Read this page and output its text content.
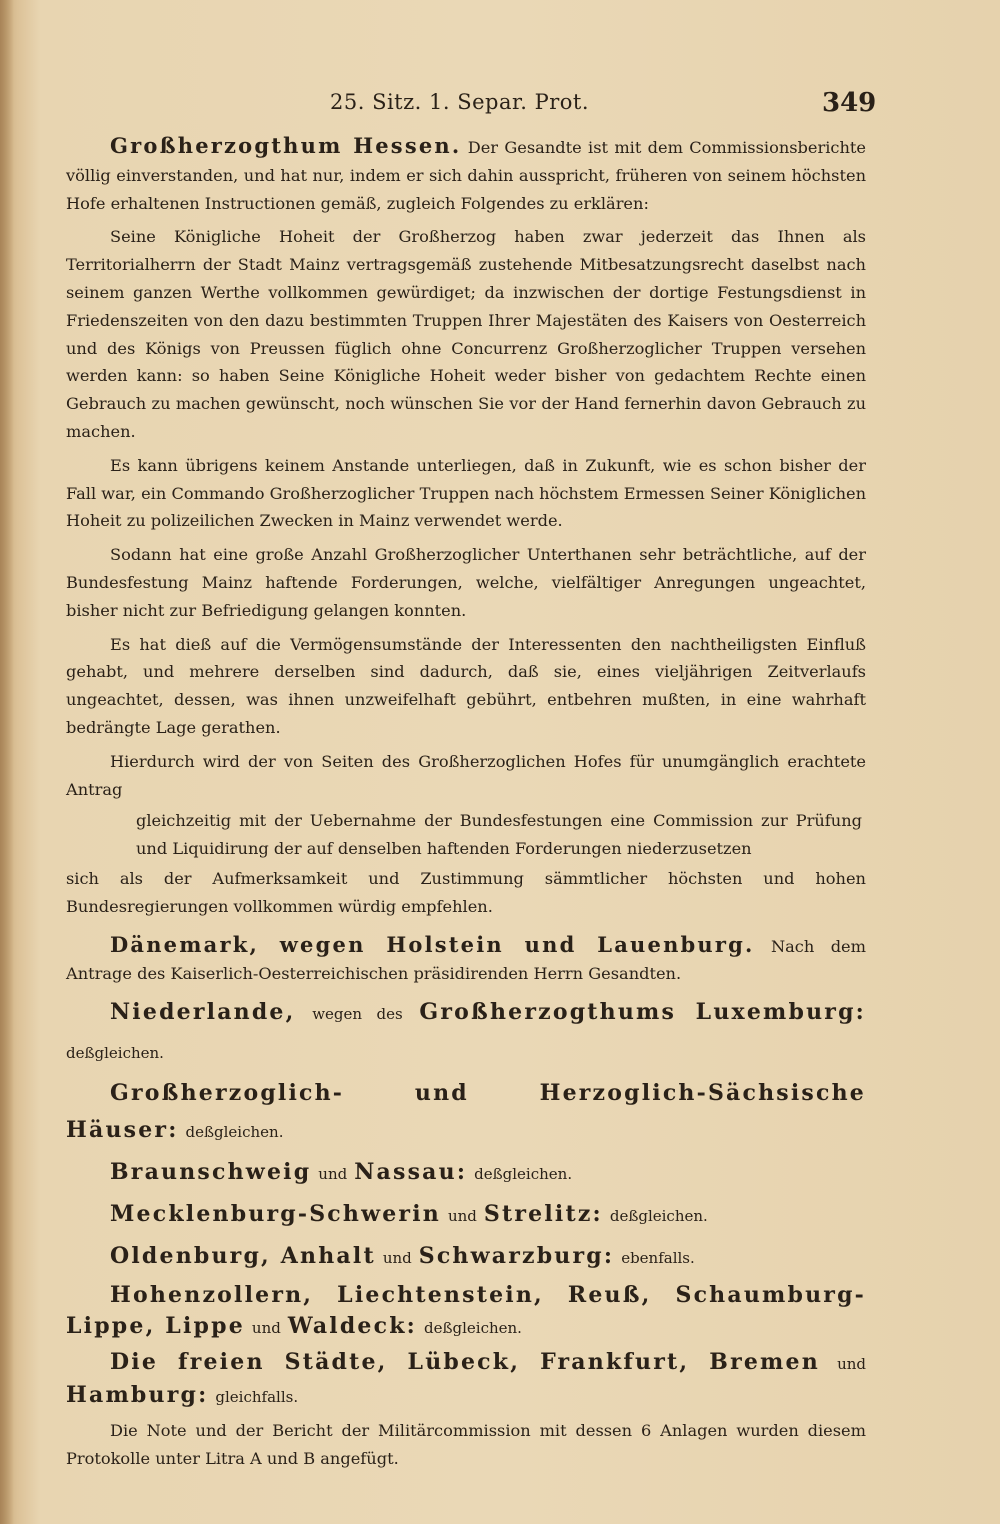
25. Sitz. 1. Separ. Prot.	349

Großherzogthum Hessen. Der Gesandte ist mit dem Commissionsberichte völlig einverstanden, und hat nur, indem er sich dahin ausspricht, früheren von seinem höchsten Hofe erhaltenen Instructionen gemäß, zugleich Folgendes zu erklären:

Seine Königliche Hoheit der Großherzog haben zwar jederzeit das Ihnen als Territorialherrn der Stadt Mainz vertragsgemäß zustehende Mitbesatzungsrecht daselbst nach seinem ganzen Werthe vollkommen gewürdiget; da inzwischen der dortige Festungsdienst in Friedenszeiten von den dazu bestimmten Truppen Ihrer Majestäten des Kaisers von Oesterreich und des Königs von Preussen füglich ohne Concurrenz Großherzoglicher Truppen versehen werden kann: so haben Seine Königliche Hoheit weder bisher von gedachtem Rechte einen Gebrauch zu machen gewünscht, noch wünschen Sie vor der Hand fernerhin davon Gebrauch zu machen.

Es kann übrigens keinem Anstande unterliegen, daß in Zukunft, wie es schon bisher der Fall war, ein Commando Großherzoglicher Truppen nach höchstem Ermessen Seiner Königlichen Hoheit zu polizeilichen Zwecken in Mainz verwendet werde.

Sodann hat eine große Anzahl Großherzoglicher Unterthanen sehr beträchtliche, auf der Bundesfestung Mainz haftende Forderungen, welche, vielfältiger Anregungen ungeachtet, bisher nicht zur Befriedigung gelangen konnten.

Es hat dieß auf die Vermögensumstände der Interessenten den nachtheiligsten Einfluß gehabt, und mehrere derselben sind dadurch, daß sie, eines vieljährigen Zeitverlaufs ungeachtet, dessen, was ihnen unzweifelhaft gebührt, entbehren mußten, in eine wahrhaft bedrängte Lage gerathen.

Hierdurch wird der von Seiten des Großherzoglichen Hofes für unumgänglich erachtete Antrag

gleichzeitig mit der Uebernahme der Bundesfestungen eine Commission zur Prüfung und Liquidirung der auf denselben haftenden Forderungen niederzusetzen

sich als der Aufmerksamkeit und Zustimmung sämmtlicher höchsten und hohen Bundesregierungen vollkommen würdig empfehlen.

Dänemark, wegen Holstein und Lauenburg. Nach dem Antrage des Kaiserlich-Oesterreichischen präsidirenden Herrn Gesandten.

Niederlande, wegen des Großherzogthums Luxemburg: deßgleichen.

Großherzoglich- und Herzoglich-Sächsische Häuser: deßgleichen.

Braunschweig und Nassau: deßgleichen.

Mecklenburg-Schwerin und Strelitz: deßgleichen.

Oldenburg, Anhalt und Schwarzburg: ebenfalls.

Hohenzollern, Liechtenstein, Reuß, Schaumburg-Lippe, Lippe und Waldeck: deßgleichen.

Die freien Städte, Lübeck, Frankfurt, Bremen und Hamburg: gleichfalls.

Die Note und der Bericht der Militärcommission mit dessen 6 Anlagen wurden diesem Protokolle unter Litra A und B angefügt.
